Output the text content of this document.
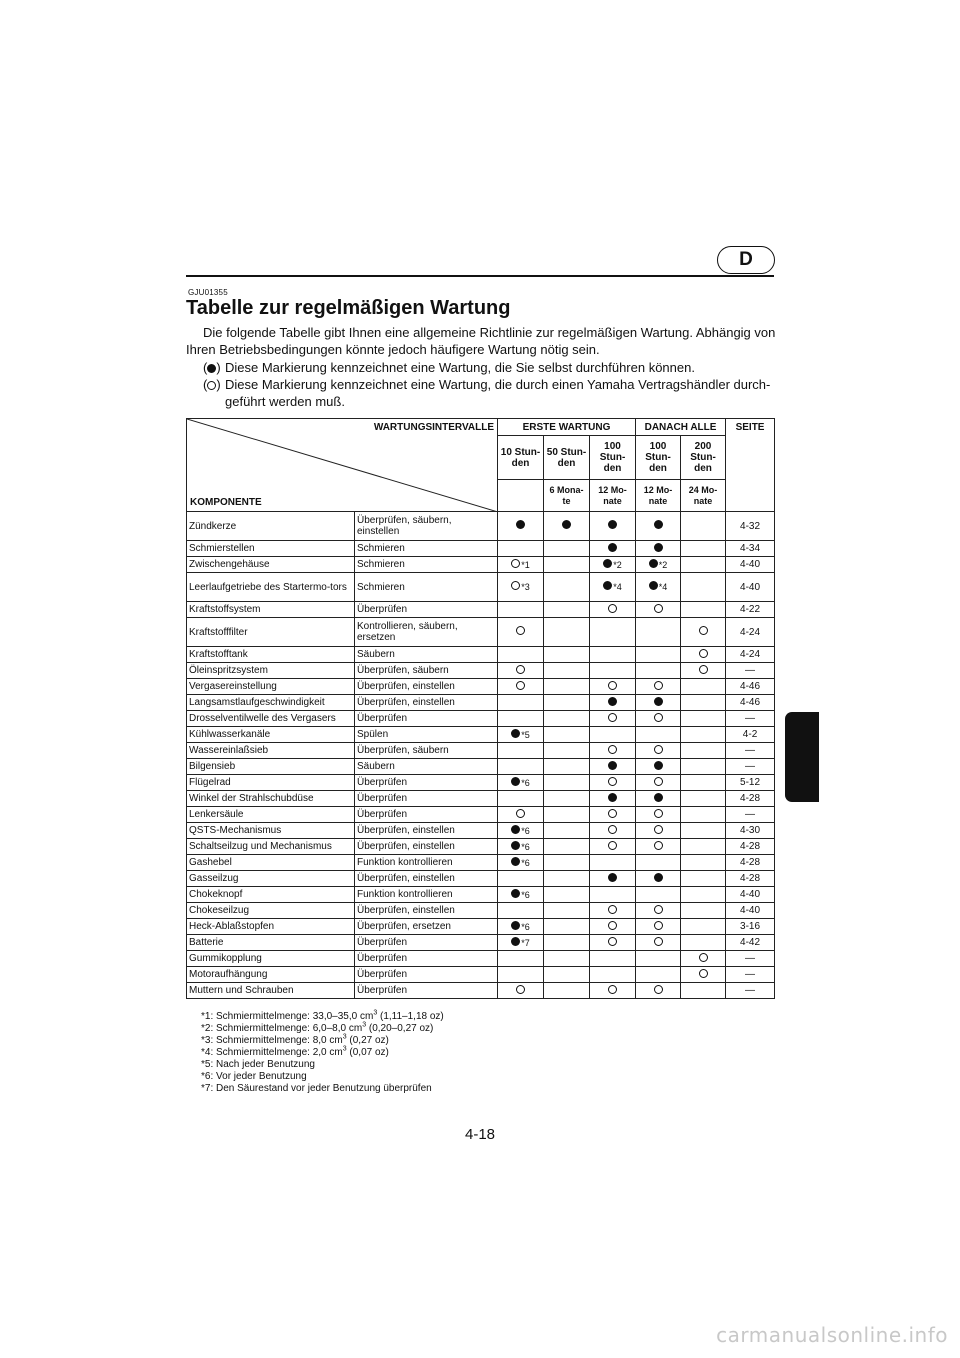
D
GJU01355
Tabelle zur regelmäßigen Wartung
Die folgende Tabelle gibt Ihnen eine allgemeine Richtlinie zur regelmäßigen Wartung. Abhängig von Ihren Betriebsbedingungen könnte jedoch häufigere Wartung nötig sein.
( ) Diese Markierung kennzeichnet eine Wartung, die Sie selbst durchführen können.
( ) Diese Markierung kennzeichnet eine Wartung, die durch einen Yamaha Vertragshändler durch-geführt werden muß.
WARTUNGSINTERVALLE
KOMPONENTE		ERSTE WARTUNG			DANACH ALLE		SEITE
		10 Stun- den	50 Stun- den	100 Stun- den	100 Stun- den	200 Stun- den	
			6 Mona- te	12 Mo- nate	12 Mo- nate	24 Mo- nate	
Zündkerze	Überprüfen, säubern, einstellen						4-32
Schmierstellen	Schmieren						4-34
Zwischengehäuse	Schmieren	*1		*2	*2		4-40
Leerlaufgetriebe des Startermo-tors	Schmieren	*3		*4	*4		4-40
Kraftstoffsystem	Überprüfen						4-22
Kraftstofffilter	Kontrollieren, säubern, ersetzen						4-24
Kraftstofftank	Säubern						4-24
Öleinspritzsystem	Überprüfen, säubern						—
Vergasereinstellung	Überprüfen, einstellen						4-46
Langsamstlaufgeschwindigkeit	Überprüfen, einstellen						4-46
Drosselventilwelle des Vergasers	Überprüfen						—
Kühlwasserkanäle	Spülen	*5					4-2
Wassereinlaßsieb	Überprüfen, säubern						—
Bilgensieb	Säubern						—
Flügelrad	Überprüfen	*6					5-12
Winkel der Strahlschubdüse	Überprüfen						4-28
Lenkersäule	Überprüfen						—
QSTS-Mechanismus	Überprüfen, einstellen	*6					4-30
Schaltseilzug und Mechanismus	Überprüfen, einstellen	*6					4-28
Gashebel	Funktion kontrollieren	*6					4-28
Gasseilzug	Überprüfen, einstellen						4-28
Chokeknopf	Funktion kontrollieren	*6					4-40
Chokeseilzug	Überprüfen, einstellen						4-40
Heck-Ablaßstopfen	Überprüfen, ersetzen	*6					3-16
Batterie	Überprüfen	*7					4-42
Gummikopplung	Überprüfen						—
Motoraufhängung	Überprüfen						—
Muttern und Schrauben	Überprüfen						—
*1: Schmiermittelmenge: 33,0–35,0 $cm^3$ (1,11–1,18 oz)
*2: Schmiermittelmenge: 6,0–8,0 $cm^3$ (0,20–0,27 oz)
*3: Schmiermittelmenge: 8,0 $cm^3$ (0,27 oz)
*4: Schmiermittelmenge: 2,0 $cm^3$ (0,07 oz)
*5: Nach jeder Benutzung
*6: Vor jeder Benutzung
*7: Den Säurestand vor jeder Benutzung überprüfen
4-18
carmanualsonline.info
